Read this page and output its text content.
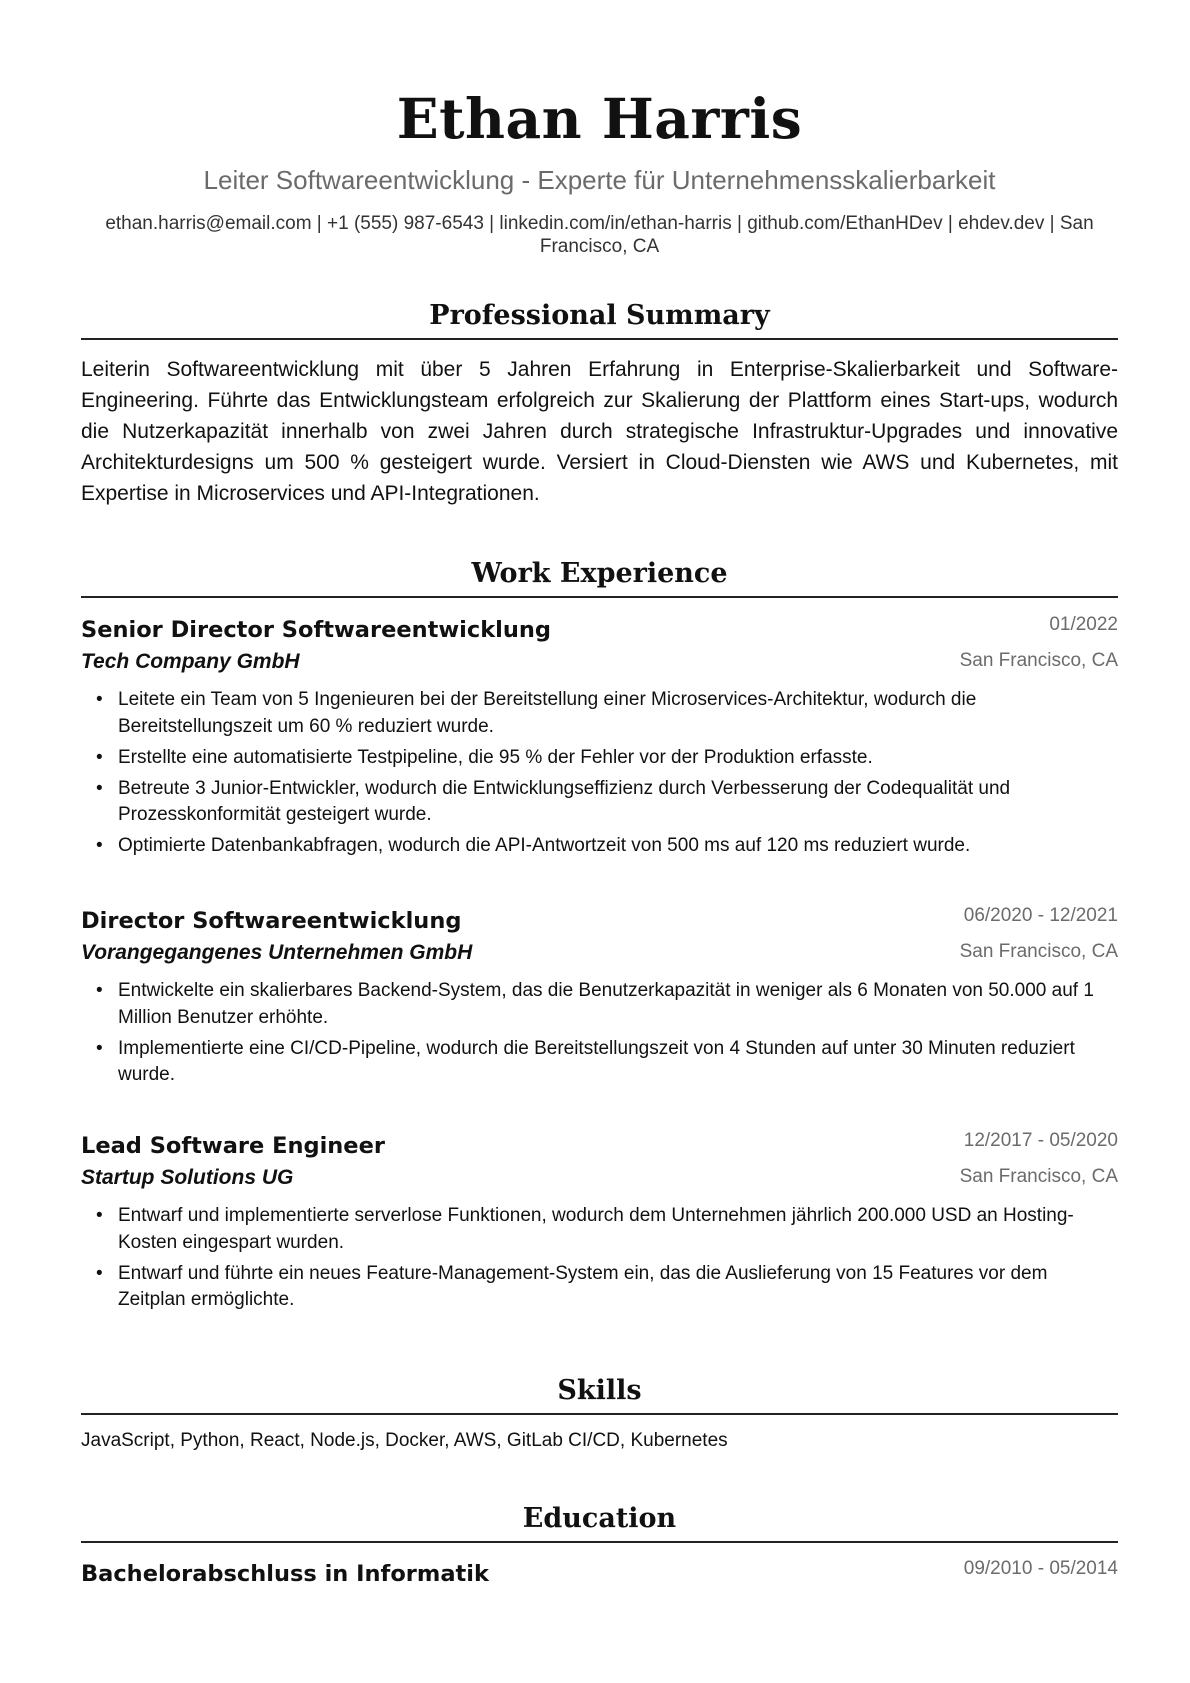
Ethan Harris
Leiter Softwareentwicklung - Experte für Unternehmensskalierbarkeit
ethan.harris@email.com | +1 (555) 987-6543 | linkedin.com/in/ethan-harris | github.com/EthanHDev | ehdev.dev | San Francisco, CA
Professional Summary
Leiterin Softwareentwicklung mit über 5 Jahren Erfahrung in Enterprise-Skalierbarkeit und Software-Engineering. Führte das Entwicklungsteam erfolgreich zur Skalierung der Plattform eines Start-ups, wodurch die Nutzerkapazität innerhalb von zwei Jahren durch strategische Infrastruktur-Upgrades und innovative Architekturdesigns um 500 % gesteigert wurde. Versiert in Cloud-Diensten wie AWS und Kubernetes, mit Expertise in Microservices und API-Integrationen.
Work Experience
Senior Director Softwareentwicklung	01/2022
Tech Company GmbH	San Francisco, CA
• Leitete ein Team von 5 Ingenieuren bei der Bereitstellung einer Microservices-Architektur, wodurch die Bereitstellungszeit um 60 % reduziert wurde.
• Erstellte eine automatisierte Testpipeline, die 95 % der Fehler vor der Produktion erfasste.
• Betreute 3 Junior-Entwickler, wodurch die Entwicklungseffizienz durch Verbesserung der Codequalität und Prozesskonformität gesteigert wurde.
• Optimierte Datenbankabfragen, wodurch die API-Antwortzeit von 500 ms auf 120 ms reduziert wurde.
Director Softwareentwicklung	06/2020 - 12/2021
Vorangegangenes Unternehmen GmbH	San Francisco, CA
• Entwickelte ein skalierbares Backend-System, das die Benutzerkapazität in weniger als 6 Monaten von 50.000 auf 1 Million Benutzer erhöhte.
• Implementierte eine CI/CD-Pipeline, wodurch die Bereitstellungszeit von 4 Stunden auf unter 30 Minuten reduziert wurde.
Lead Software Engineer	12/2017 - 05/2020
Startup Solutions UG	San Francisco, CA
• Entwarf und implementierte serverlose Funktionen, wodurch dem Unternehmen jährlich 200.000 USD an Hosting-Kosten eingespart wurden.
• Entwarf und führte ein neues Feature-Management-System ein, das die Auslieferung von 15 Features vor dem Zeitplan ermöglichte.
Skills
JavaScript, Python, React, Node.js, Docker, AWS, GitLab CI/CD, Kubernetes
Education
Bachelorabschluss in Informatik	09/2010 - 05/2014
